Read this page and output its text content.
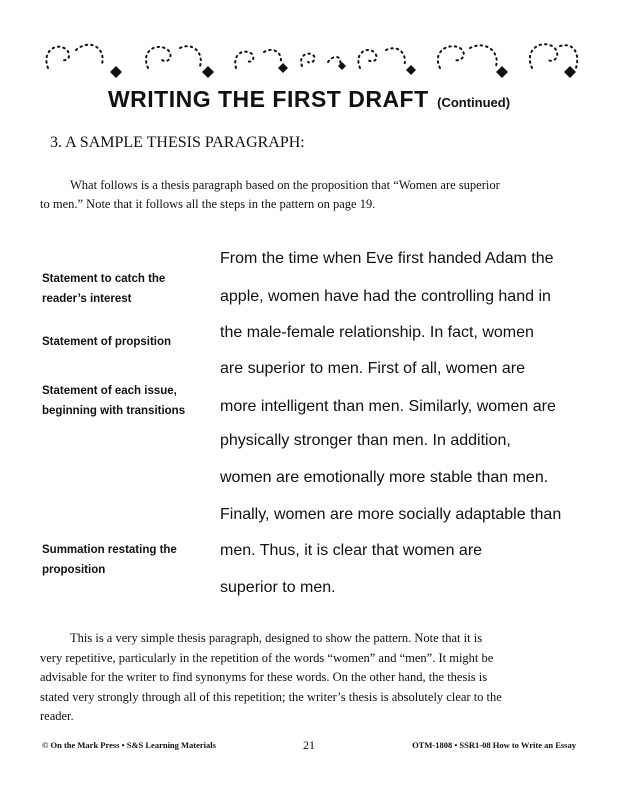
WRITING THE FIRST DRAFT (Continued)
3. A SAMPLE THESIS PARAGRAPH:
What follows is a thesis paragraph based on the proposition that “Women are superior
to men.” Note that it follows all the steps in the pattern on page 19.
Statement to catch the
reader’s interest
Statement of propsition
Statement of each issue,
beginning with transitions
Summation restating the
proposition
From the time when Eve first handed Adam the
apple, women have had the controlling hand in
the male-female relationship. In fact, women
are superior to men. First of all, women are
more intelligent than men. Similarly, women are
physically stronger than men. In addition,
women are emotionally more stable than men.
Finally, women are more socially adaptable than
men. Thus, it is clear that women are
superior to men.
This is a very simple thesis paragraph, designed to show the pattern. Note that it is
very repetitive, particularly in the repetition of the words “women” and “men”. It might be
advisable for the writer to find synonyms for these words. On the other hand, the thesis is
stated very strongly through all of this repetition; the writer’s thesis is absolutely clear to the
reader.
© On the Mark Press • S&S Learning Materials	21	OTM-1808 • SSR1-08 How to Write an Essay
